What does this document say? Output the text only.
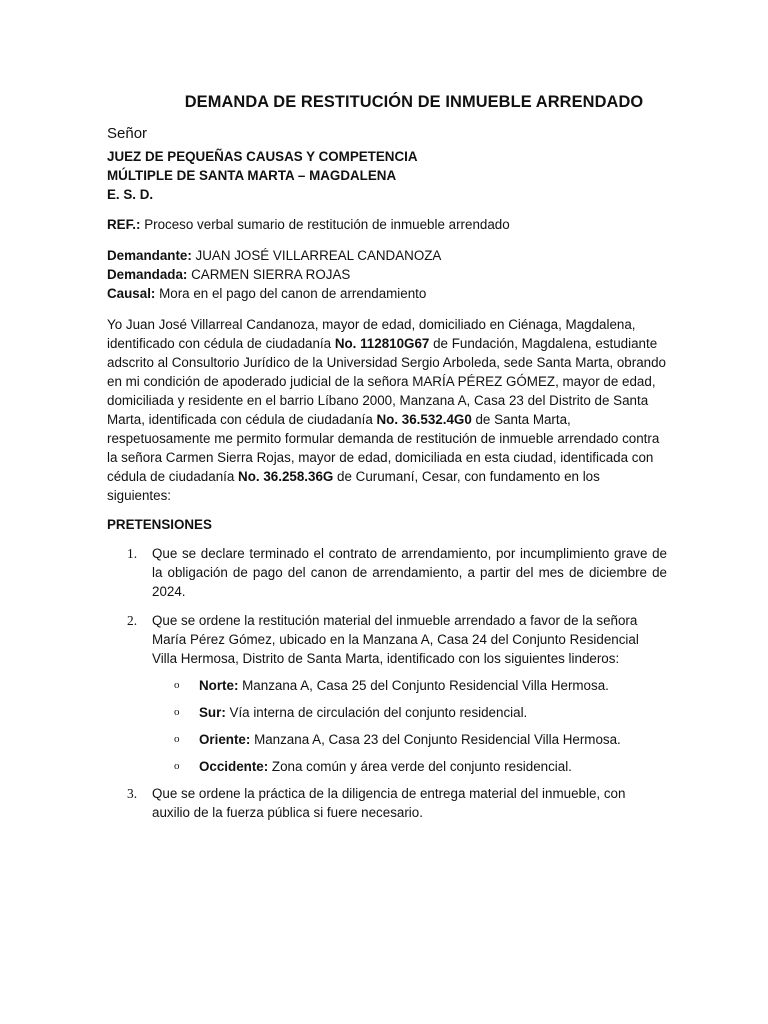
DEMANDA DE RESTITUCIÓN DE INMUEBLE ARRENDADO

Señor

JUEZ DE PEQUEÑAS CAUSAS Y COMPETENCIA

MÚLTIPLE DE SANTA MARTA – MAGDALENA

E. S. D.

REF.: Proceso verbal sumario de restitución de inmueble arrendado

Demandante: JUAN JOSÉ VILLARREAL CANDANOZA
Demandada: CARMEN SIERRA ROJAS
Causal: Mora en el pago del canon de arrendamiento

Yo Juan José Villarreal Candanoza, mayor de edad, domiciliado en Ciénaga, Magdalena, identificado con cédula de ciudadanía No. 112810G67 de Fundación, Magdalena, estudiante adscrito al Consultorio Jurídico de la Universidad Sergio Arboleda, sede Santa Marta, obrando en mi condición de apoderado judicial de la señora MARÍA PÉREZ GÓMEZ, mayor de edad, domiciliada y residente en el barrio Líbano 2000, Manzana A, Casa 23 del Distrito de Santa Marta, identificada con cédula de ciudadanía No. 36.532.4G0 de Santa Marta, respetuosamente me permito formular demanda de restitución de inmueble arrendado contra la señora Carmen Sierra Rojas, mayor de edad, domiciliada en esta ciudad, identificada con cédula de ciudadanía No. 36.258.36G de Curumaní, Cesar, con fundamento en los siguientes:

PRETENSIONES

1. Que se declare terminado el contrato de arrendamiento, por incumplimiento grave de la obligación de pago del canon de arrendamiento, a partir del mes de diciembre de 2024.
2. Que se ordene la restitución material del inmueble arrendado a favor de la señora María Pérez Gómez, ubicado en la Manzana A, Casa 24 del Conjunto Residencial Villa Hermosa, Distrito de Santa Marta, identificado con los siguientes linderos:
o Norte: Manzana A, Casa 25 del Conjunto Residencial Villa Hermosa.
o Sur: Vía interna de circulación del conjunto residencial.
o Oriente: Manzana A, Casa 23 del Conjunto Residencial Villa Hermosa.
o Occidente: Zona común y área verde del conjunto residencial.
3. Que se ordene la práctica de la diligencia de entrega material del inmueble, con auxilio de la fuerza pública si fuere necesario.
